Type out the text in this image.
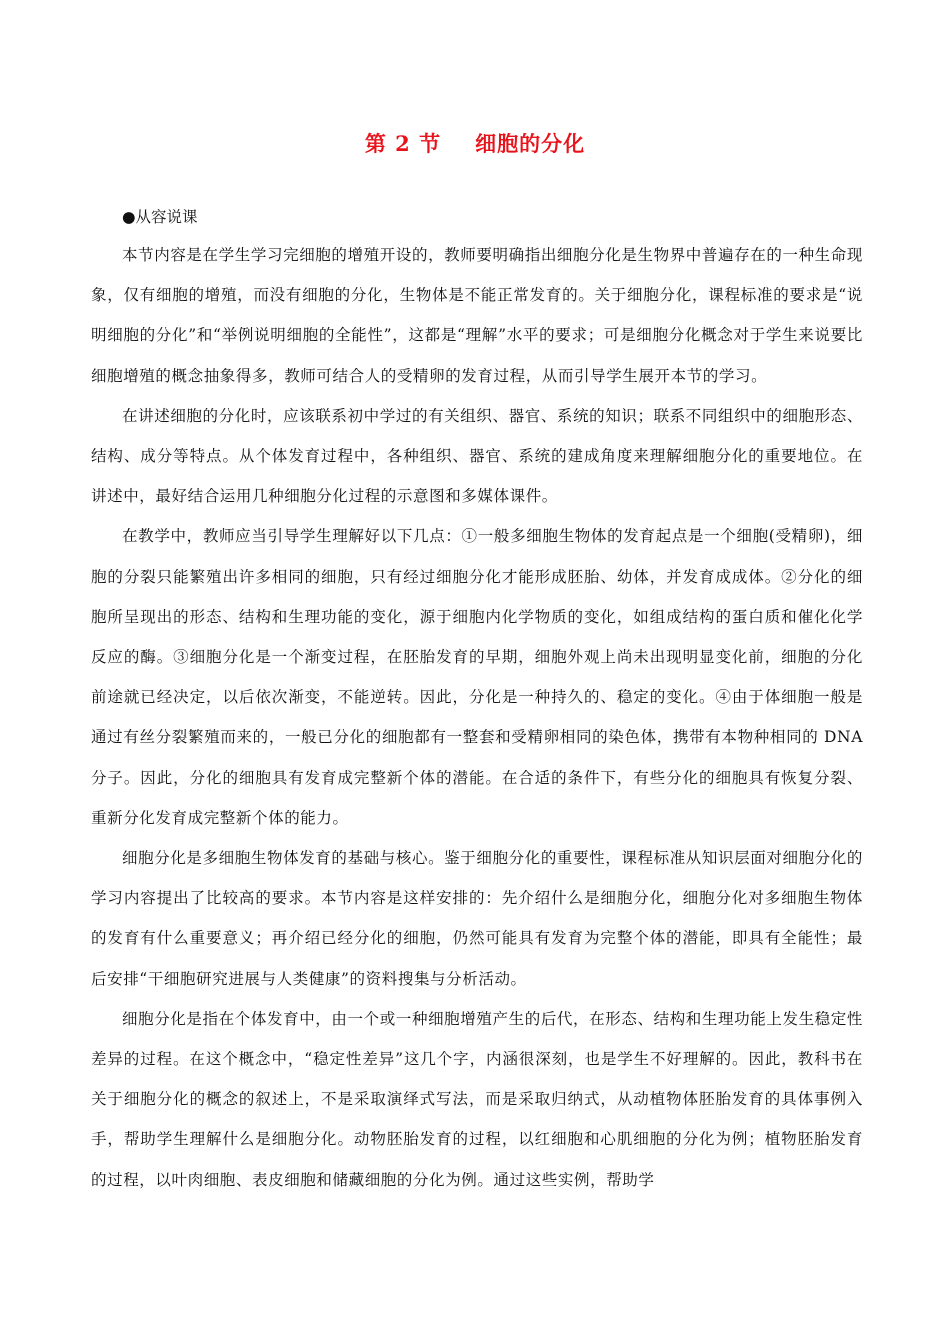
第 2 节 细胞的分化
●从容说课

本节内容是在学生学习完细胞的增殖开设的，教师要明确指出细胞分化是生物界中普遍存在的一种生命现象，仅有细胞的增殖，而没有细胞的分化，生物体是不能正常发育的。关于细胞分化，课程标准的要求是“说明细胞的分化”和“举例说明细胞的全能性”，这都是“理解”水平的要求；可是细胞分化概念对于学生来说要比细胞增殖的概念抽象得多，教师可结合人的受精卵的发育过程，从而引导学生展开本节的学习。

在讲述细胞的分化时，应该联系初中学过的有关组织、器官、系统的知识；联系不同组织中的细胞形态、结构、成分等特点。从个体发育过程中，各种组织、器官、系统的建成角度来理解细胞分化的重要地位。在讲述中，最好结合运用几种细胞分化过程的示意图和多媒体课件。

在教学中，教师应当引导学生理解好以下几点：①一般多细胞生物体的发育起点是一个细胞(受精卵)，细胞的分裂只能繁殖出许多相同的细胞，只有经过细胞分化才能形成胚胎、幼体，并发育成成体。②分化的细胞所呈现出的形态、结构和生理功能的变化，源于细胞内化学物质的变化，如组成结构的蛋白质和催化化学反应的酶。③细胞分化是一个渐变过程，在胚胎发育的早期，细胞外观上尚未出现明显变化前，细胞的分化前途就已经决定，以后依次渐变，不能逆转。因此，分化是一种持久的、稳定的变化。④由于体细胞一般是通过有丝分裂繁殖而来的，一般已分化的细胞都有一整套和受精卵相同的染色体，携带有本物种相同的 DNA 分子。因此，分化的细胞具有发育成完整新个体的潜能。在合适的条件下，有些分化的细胞具有恢复分裂、重新分化发育成完整新个体的能力。

细胞分化是多细胞生物体发育的基础与核心。鉴于细胞分化的重要性，课程标准从知识层面对细胞分化的学习内容提出了比较高的要求。本节内容是这样安排的：先介绍什么是细胞分化，细胞分化对多细胞生物体的发育有什么重要意义；再介绍已经分化的细胞，仍然可能具有发育为完整个体的潜能，即具有全能性；最后安排“干细胞研究进展与人类健康”的资料搜集与分析活动。

细胞分化是指在个体发育中，由一个或一种细胞增殖产生的后代，在形态、结构和生理功能上发生稳定性差异的过程。在这个概念中，“稳定性差异”这几个字，内涵很深刻，也是学生不好理解的。因此，教科书在关于细胞分化的概念的叙述上，不是采取演绎式写法，而是采取归纳式，从动植物体胚胎发育的具体事例入手，帮助学生理解什么是细胞分化。动物胚胎发育的过程，以红细胞和心肌细胞的分化为例；植物胚胎发育的过程，以叶肉细胞、表皮细胞和储藏细胞的分化为例。通过这些实例，帮助学
